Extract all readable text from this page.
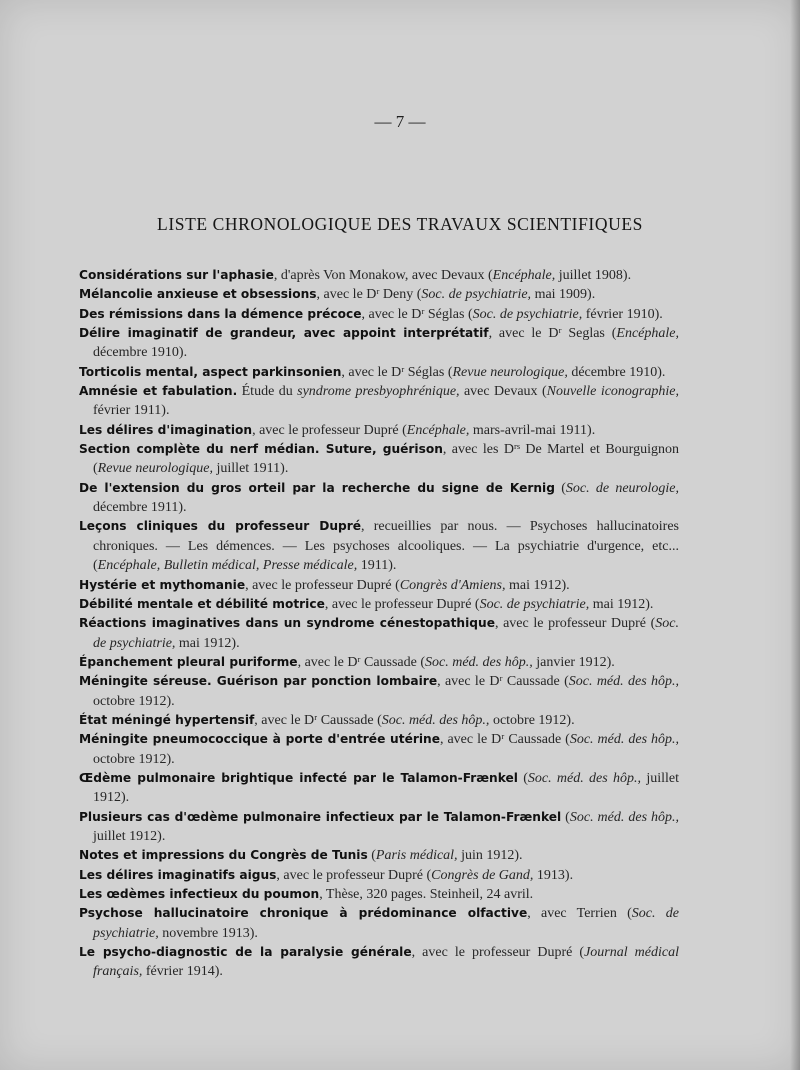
— 7 —
LISTE CHRONOLOGIQUE DES TRAVAUX SCIENTIFIQUES

Considérations sur l'aphasie, d'après Von Monakow, avec Devaux (Encéphale, juillet 1908).

Mélancolie anxieuse et obsessions, avec le Dʳ Deny (Soc. de psychiatrie, mai 1909).

Des rémissions dans la démence précoce, avec le Dʳ Séglas (Soc. de psychiatrie, février 1910).

Délire imaginatif de grandeur, avec appoint interprétatif, avec le Dʳ Seglas (Encéphale, décembre 1910).

Torticolis mental, aspect parkinsonien, avec le Dʳ Séglas (Revue neurologique, décembre 1910).

Amnésie et fabulation. Étude du syndrome presbyophrénique, avec Devaux (Nouvelle iconographie, février 1911).

Les délires d'imagination, avec le professeur Dupré (Encéphale, mars-avril-mai 1911).

Section complète du nerf médian. Suture, guérison, avec les Dʳˢ De Martel et Bourguignon (Revue neurologique, juillet 1911).

De l'extension du gros orteil par la recherche du signe de Kernig (Soc. de neurologie, décembre 1911).

Leçons cliniques du professeur Dupré, recueillies par nous. — Psychoses hallucinatoires chroniques. — Les démences. — Les psychoses alcooliques. — La psychiatrie d'urgence, etc... (Encéphale, Bulletin médical, Presse médicale, 1911).

Hystérie et mythomanie, avec le professeur Dupré (Congrès d'Amiens, mai 1912).

Débilité mentale et débilité motrice, avec le professeur Dupré (Soc. de psychiatrie, mai 1912).

Réactions imaginatives dans un syndrome cénestopathique, avec le professeur Dupré (Soc. de psychiatrie, mai 1912).

Épanchement pleural puriforme, avec le Dʳ Caussade (Soc. méd. des hôp., janvier 1912).

Méningite séreuse. Guérison par ponction lombaire, avec le Dʳ Caussade (Soc. méd. des hôp., octobre 1912).

État méningé hypertensif, avec le Dʳ Caussade (Soc. méd. des hôp., octobre 1912).

Méningite pneumococcique à porte d'entrée utérine, avec le Dʳ Caussade (Soc. méd. des hôp., octobre 1912).

Œdème pulmonaire brightique infecté par le Talamon-Frænkel (Soc. méd. des hôp., juillet 1912).

Plusieurs cas d'œdème pulmonaire infectieux par le Talamon-Frænkel (Soc. méd. des hôp., juillet 1912).

Notes et impressions du Congrès de Tunis (Paris médical, juin 1912).

Les délires imaginatifs aigus, avec le professeur Dupré (Congrès de Gand, 1913).

Les œdèmes infectieux du poumon, Thèse, 320 pages. Steinheil, 24 avril.

Psychose hallucinatoire chronique à prédominance olfactive, avec Terrien (Soc. de psychiatrie, novembre 1913).

Le psycho-diagnostic de la paralysie générale, avec le professeur Dupré (Journal médical français, février 1914).
